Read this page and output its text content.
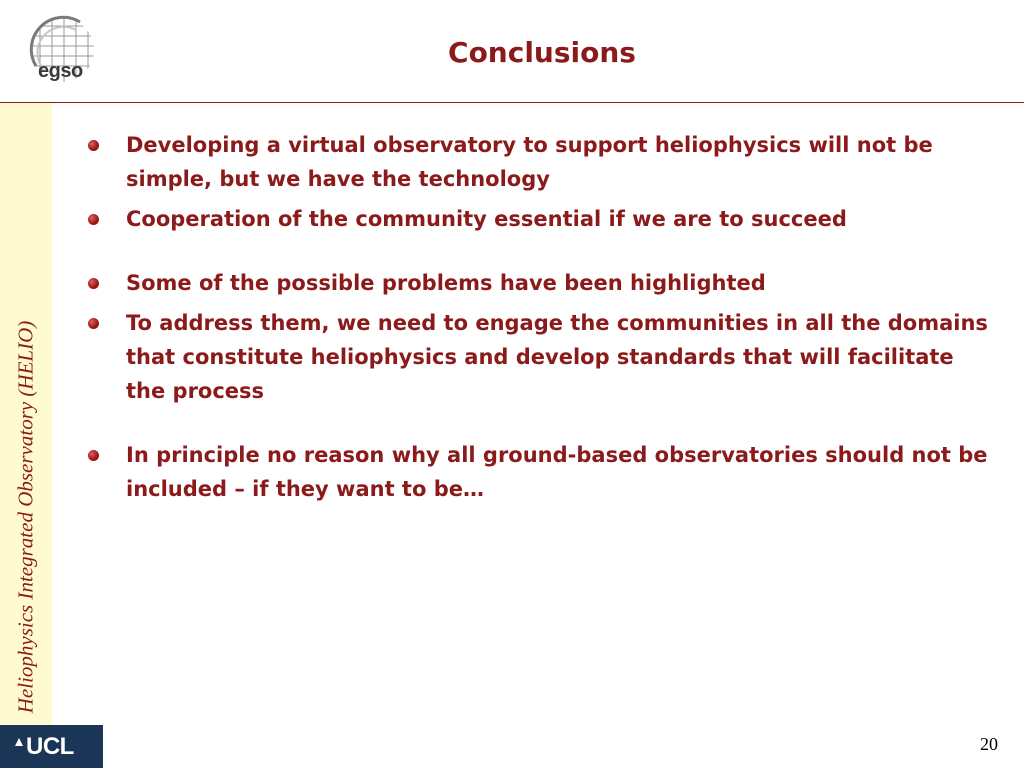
egso
Conclusions
Heliophysics Integrated Observatory (HELIO)
Developing a virtual observatory to support heliophysics will not be simple, but we have the technology
Cooperation of the community essential if we are to succeed
Some of the possible problems have been highlighted
To address them, we need to engage the communities in all the domains that constitute heliophysics and develop standards that will facilitate the process
In principle no reason why all ground-based observatories should not be included – if they want to be…
UCL	20
